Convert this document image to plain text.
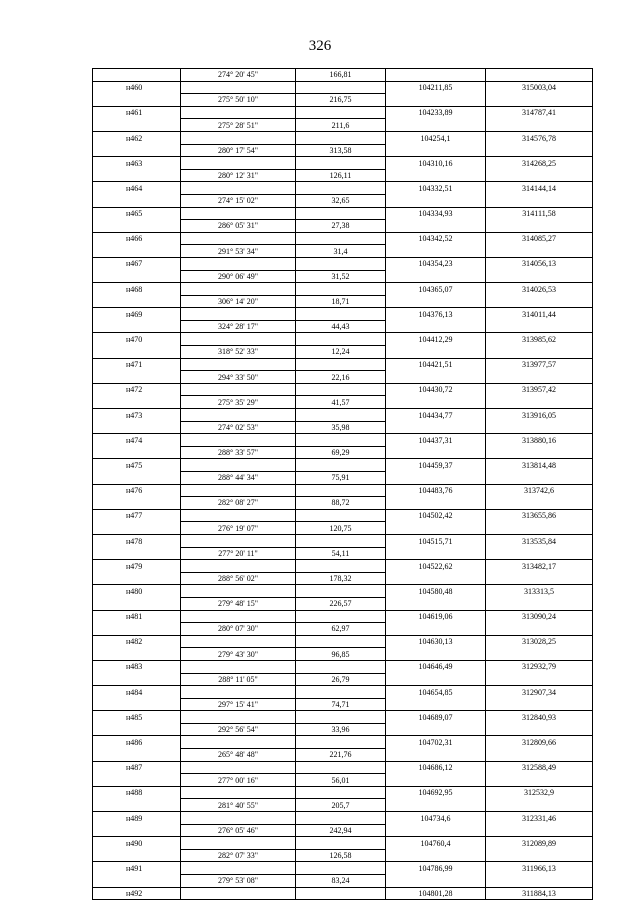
326
	274° 20' 45"	166,81		
н460			104211,85	315003,04
	275° 50' 10"	216,75		
н461			104233,89	314787,41
	275° 28' 51"	211,6		
н462			104254,1	314576,78
	280° 17' 54"	313,58		
н463			104310,16	314268,25
	280° 12' 31"	126,11		
н464			104332,51	314144,14
	274° 15' 02"	32,65		
н465			104334,93	314111,58
	286° 05' 31"	27,38		
н466			104342,52	314085,27
	291° 53' 34"	31,4		
н467			104354,23	314056,13
	290° 06' 49"	31,52		
н468			104365,07	314026,53
	306° 14' 20"	18,71		
н469			104376,13	314011,44
	324° 28' 17"	44,43		
н470			104412,29	313985,62
	318° 52' 33"	12,24		
н471			104421,51	313977,57
	294° 33' 50"	22,16		
н472			104430,72	313957,42
	275° 35' 29"	41,57		
н473			104434,77	313916,05
	274° 02' 53"	35,98		
н474			104437,31	313880,16
	288° 33' 57"	69,29		
н475			104459,37	313814,48
	288° 44' 34"	75,91		
н476			104483,76	313742,6
	282° 08' 27"	88,72		
н477			104502,42	313655,86
	276° 19' 07"	120,75		
н478			104515,71	313535,84
	277° 20' 11"	54,11		
н479			104522,62	313482,17
	288° 56' 02"	178,32		
н480			104580,48	313313,5
	279° 48' 15"	226,57		
н481			104619,06	313090,24
	280° 07' 30"	62,97		
н482			104630,13	313028,25
	279° 43' 30"	96,85		
н483			104646,49	312932,79
	288° 11' 05"	26,79		
н484			104654,85	312907,34
	297° 15' 41"	74,71		
н485			104689,07	312840,93
	292° 56' 54"	33,96		
н486			104702,31	312809,66
	265° 48' 48"	221,76		
н487			104686,12	312588,49
	277° 00' 16"	56,01		
н488			104692,95	312532,9
	281° 40' 55"	205,7		
н489			104734,6	312331,46
	276° 05' 46"	242,94		
н490			104760,4	312089,89
	282° 07' 33"	126,58		
н491			104786,99	311966,13
	279° 53' 08"	83,24		
н492			104801,28	311884,13
